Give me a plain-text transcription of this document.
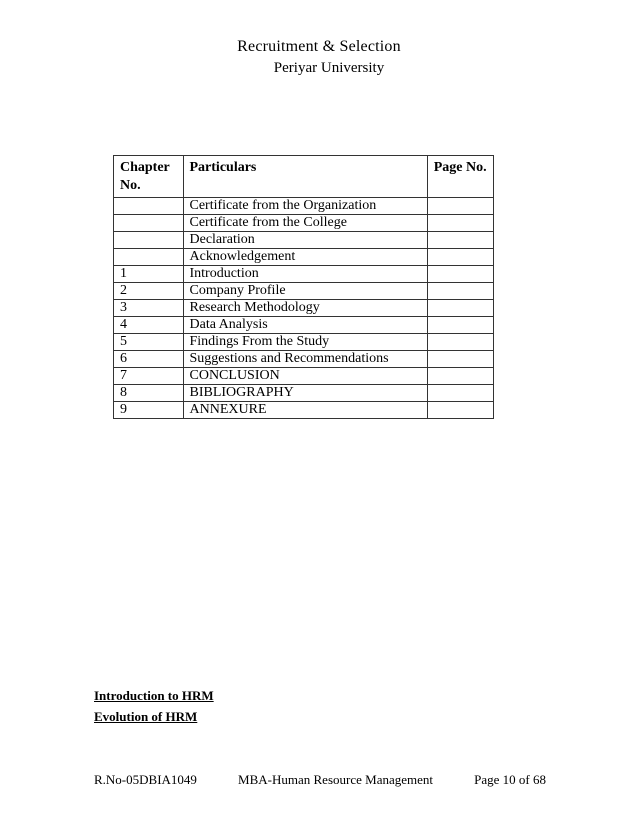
Recruitment & Selection
Periyar University
Chapter No.	Particulars	Page No.
	Certificate from the Organization	
	Certificate from the College	
	Declaration	
	Acknowledgement	
1	Introduction	
2	Company Profile	
3	Research Methodology	
4	Data Analysis	
5	Findings From the Study	
6	Suggestions and Recommendations	
7	CONCLUSION	
8	BIBLIOGRAPHY	
9	ANNEXURE	
Introduction to HRM
Evolution of HRM
R.No-05DBIA1049	MBA-Human Resource Management	Page 10 of 68
